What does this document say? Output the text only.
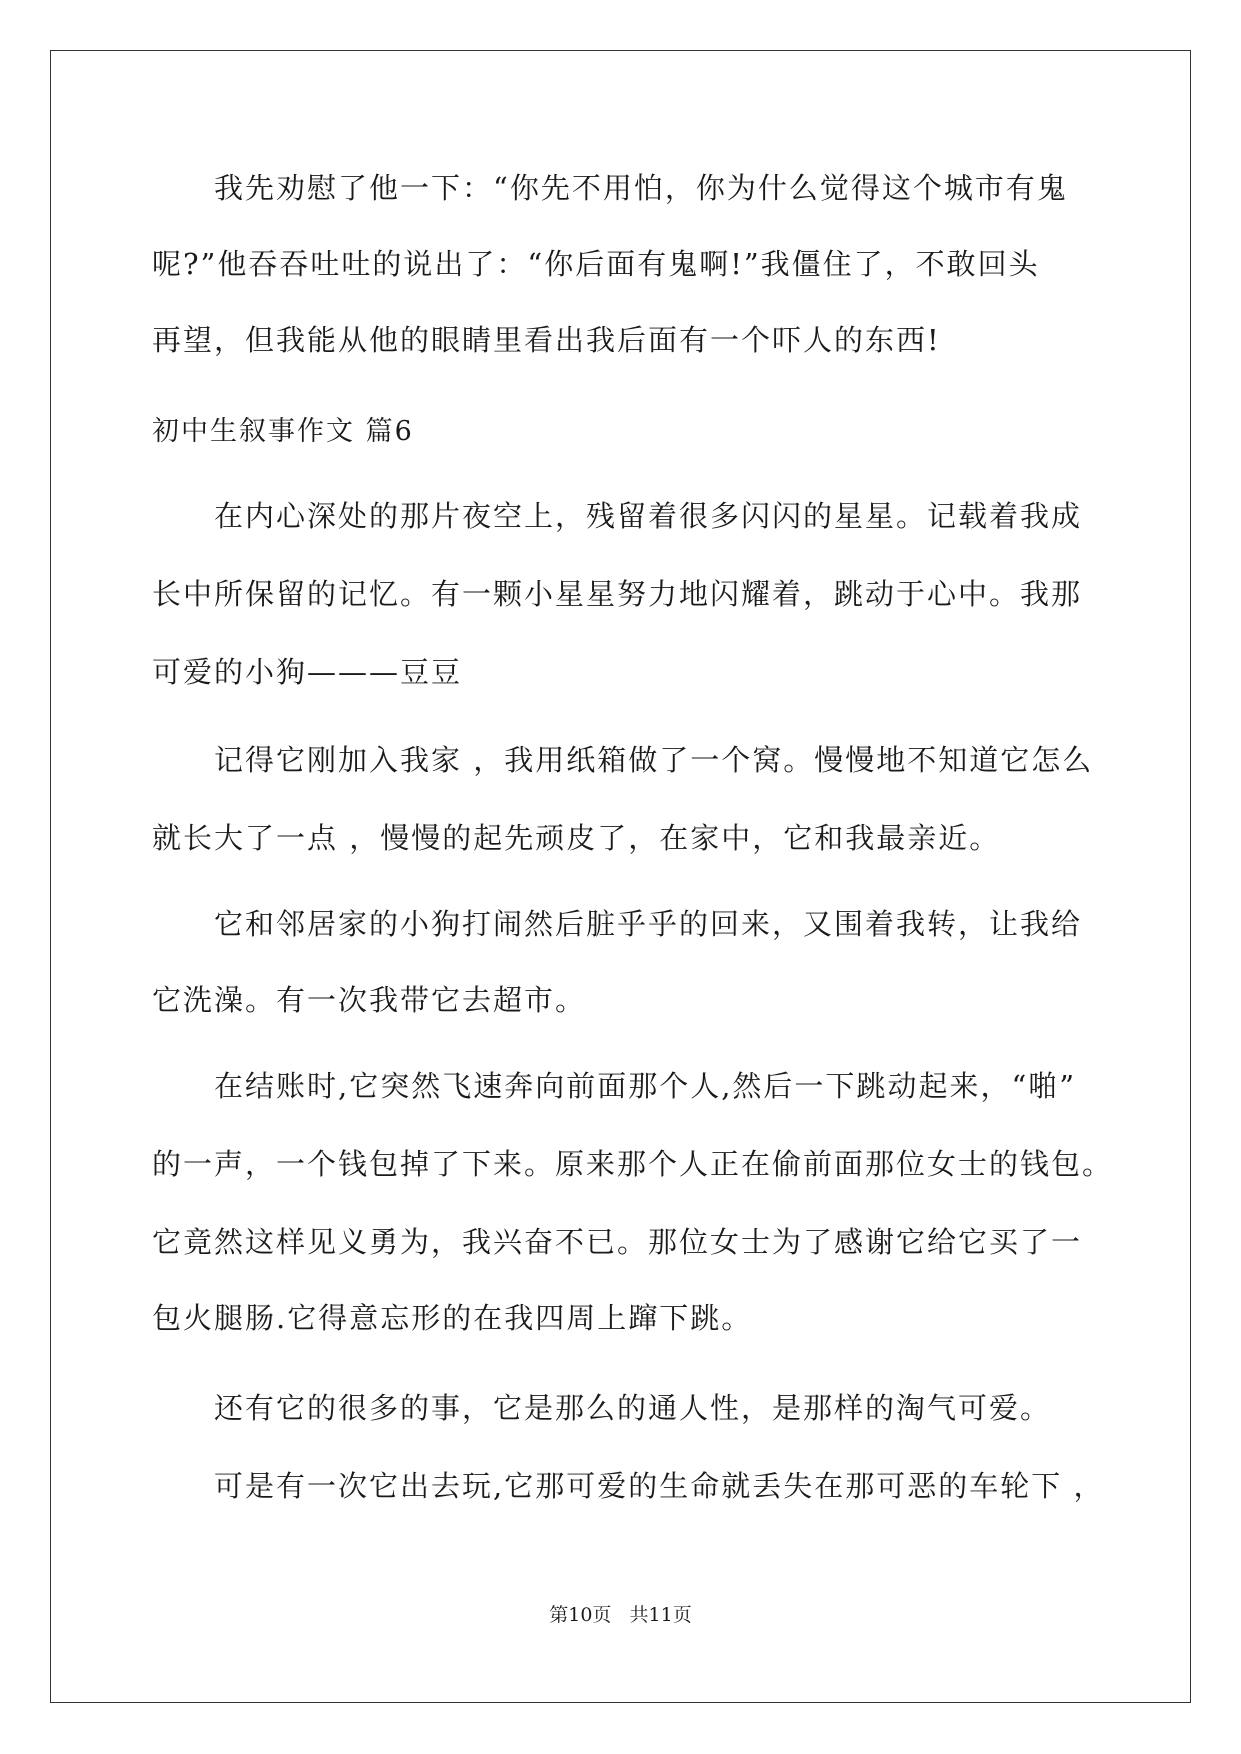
我先劝慰了他一下：“你先不用怕，你为什么觉得这个城市有鬼
呢?”他吞吞吐吐的说出了：“你后面有鬼啊!”我僵住了，不敢回头
再望，但我能从他的眼睛里看出我后面有一个吓人的东西!
初中生叙事作文 篇6
在内心深处的那片夜空上，残留着很多闪闪的星星。记载着我成
长中所保留的记忆。有一颗小星星努力地闪耀着，跳动于心中。我那
可爱的小狗———豆豆
记得它刚加入我家 ，我用纸箱做了一个窝。慢慢地不知道它怎么
就长大了一点 ，慢慢的起先顽皮了，在家中，它和我最亲近。
它和邻居家的小狗打闹然后脏乎乎的回来，又围着我转，让我给
它洗澡。有一次我带它去超市。
在结账时,它突然飞速奔向前面那个人,然后一下跳动起来，“啪”
的一声，一个钱包掉了下来。原来那个人正在偷前面那位女士的钱包。
它竟然这样见义勇为，我兴奋不已。那位女士为了感谢它给它买了一
包火腿肠.它得意忘形的在我四周上蹿下跳。
还有它的很多的事，它是那么的通人性，是那样的淘气可爱。
可是有一次它出去玩,它那可爱的生命就丢失在那可恶的车轮下 ，
第10页   共11页
